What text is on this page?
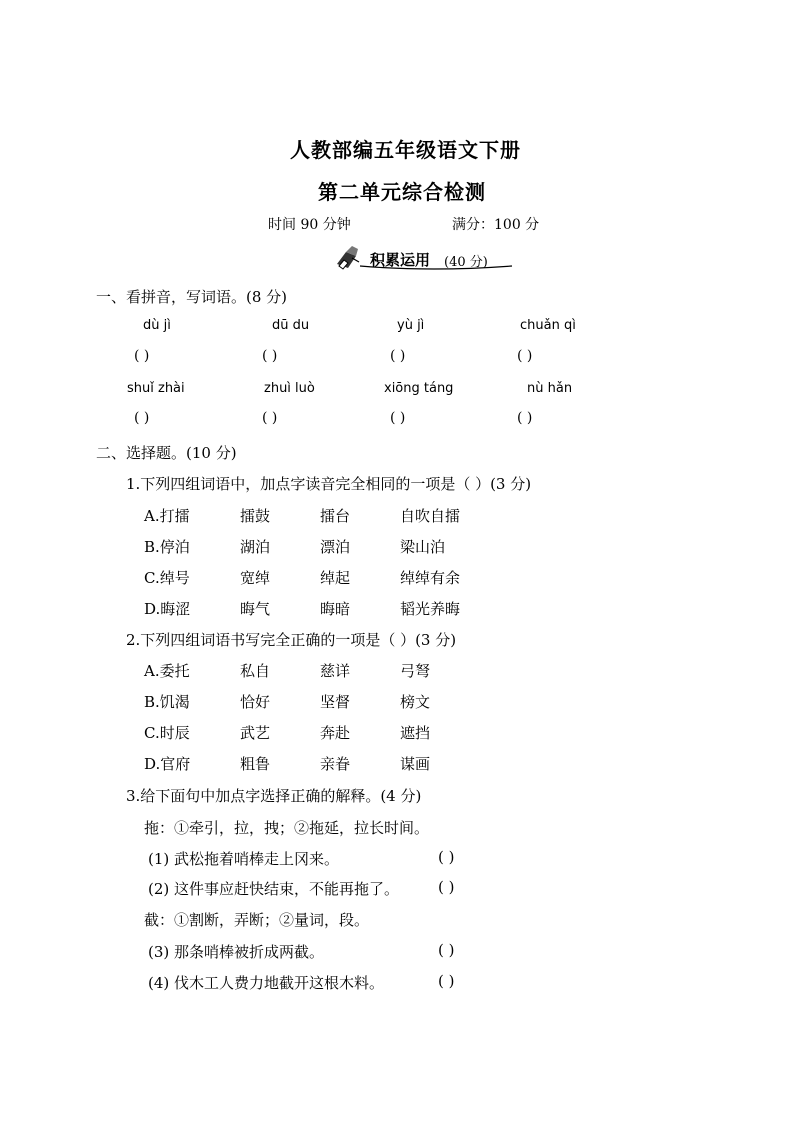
人教部编五年级语文下册
第二单元综合检测
时间 90 分钟	满分：100 分
积累运用 (40 分)
一、看拼音，写词语。(8 分)
dù jì	dū du	yù jì	chuǎn qì
( )	( )	( )	( )
shuǐ zhài	zhuì luò	xiōng táng	nù hǎn
( )	( )	( )	( )
二、选择题。(10 分)
1.下列四组词语中，加点字读音完全相同的一项是（ ）(3 分)
A.打擂	擂鼓	擂台	自吹自擂
B.停泊	湖泊	漂泊	梁山泊
C.绰号	宽绰	绰起	绰绰有余
D.晦涩	晦气	晦暗	韬光养晦
2.下列四组词语书写完全正确的一项是（ ）(3 分)
A.委托	私自	慈详	弓弩
B.饥渴	恰好	坚督	榜文
C.时辰	武艺	奔赴	遮挡
D.官府	粗鲁	亲眷	谋画
3.给下面句中加点字选择正确的解释。(4 分)
拖：①牵引，拉，拽；②拖延，拉长时间。
(1) 武松拖着哨棒走上冈来。	( )
(2) 这件事应赶快结束，不能再拖了。	( )
截：①割断，弄断；②量词，段。
(3) 那条哨棒被折成两截。	( )
(4) 伐木工人费力地截开这根木料。	( )
